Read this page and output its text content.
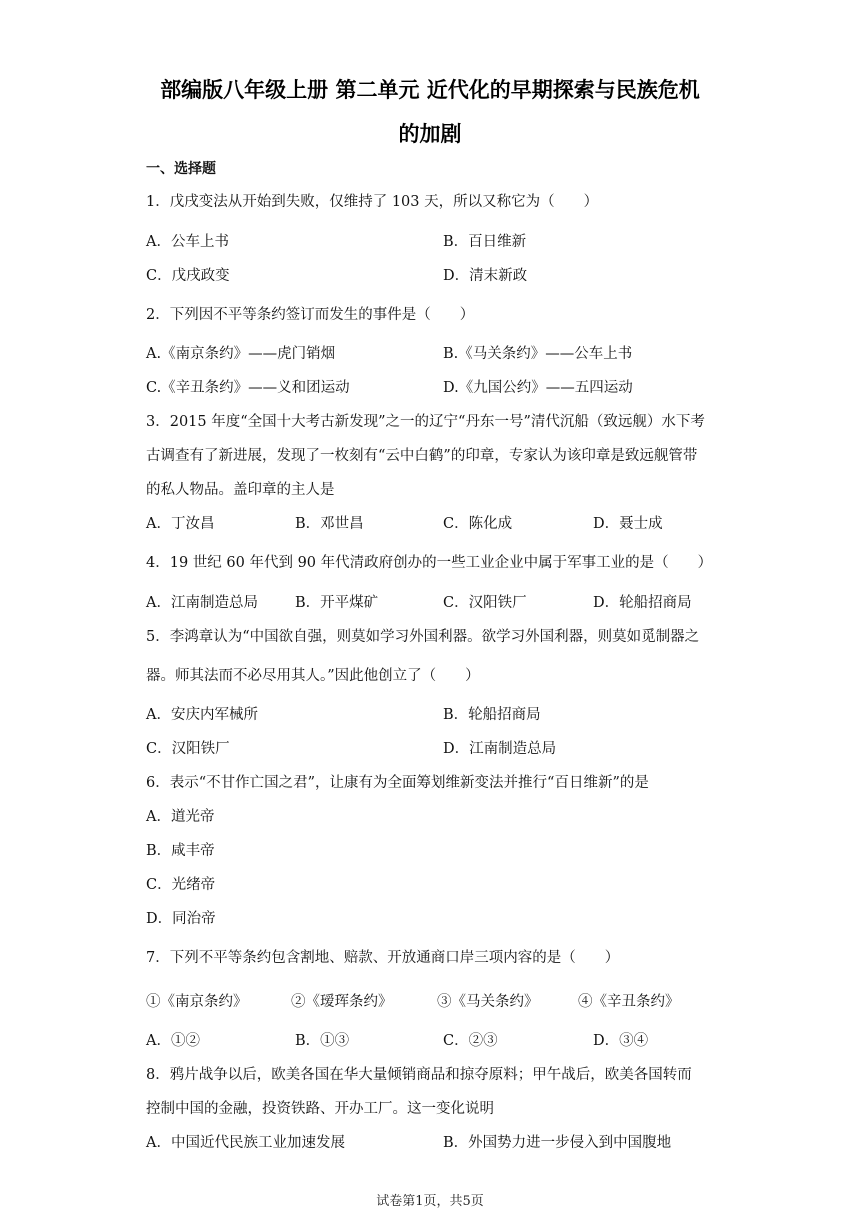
部编版八年级上册 第二单元 近代化的早期探索与民族危机
的加剧
一、选择题
1．戊戌变法从开始到失败，仅维持了 103 天，所以又称它为（　　）
A．公车上书	B．百日维新
C．戊戌政变	D．清末新政
2．下列因不平等条约签订而发生的事件是（　　）
A.《南京条约》——虎门销烟	B.《马关条约》——公车上书
C.《辛丑条约》——义和团运动	D.《九国公约》——五四运动
3．2015 年度“全国十大考古新发现”之一的辽宁“丹东一号”清代沉船（致远舰）水下考
古调查有了新进展，发现了一枚刻有“云中白鹤”的印章，专家认为该印章是致远舰管带
的私人物品。盖印章的主人是
A．丁汝昌	B．邓世昌	C．陈化成	D．聂士成
4．19 世纪 60 年代到 90 年代清政府创办的一些工业企业中属于军事工业的是（　　）
A．江南制造总局	B．开平煤矿	C．汉阳铁厂	D．轮船招商局
5．李鸿章认为“中国欲自强，则莫如学习外国利器。欲学习外国利器，则莫如觅制器之
器。师其法而不必尽用其人。”因此他创立了（　　）
A．安庆内军械所	B．轮船招商局
C．汉阳铁厂	D．江南制造总局
6．表示“不甘作亡国之君”，让康有为全面筹划维新变法并推行“百日维新”的是
A．道光帝
B．咸丰帝
C．光绪帝
D．同治帝
7．下列不平等条约包含割地、赔款、开放通商口岸三项内容的是（　　）
①《南京条约》	②《瑷珲条约》	③《马关条约》	④《辛丑条约》
A．①②	B．①③	C．②③	D．③④
8．鸦片战争以后，欧美各国在华大量倾销商品和掠夺原料；甲午战后，欧美各国转而
控制中国的金融，投资铁路、开办工厂。这一变化说明
A．中国近代民族工业加速发展	B．外国势力进一步侵入到中国腹地
试卷第1页，共5页
